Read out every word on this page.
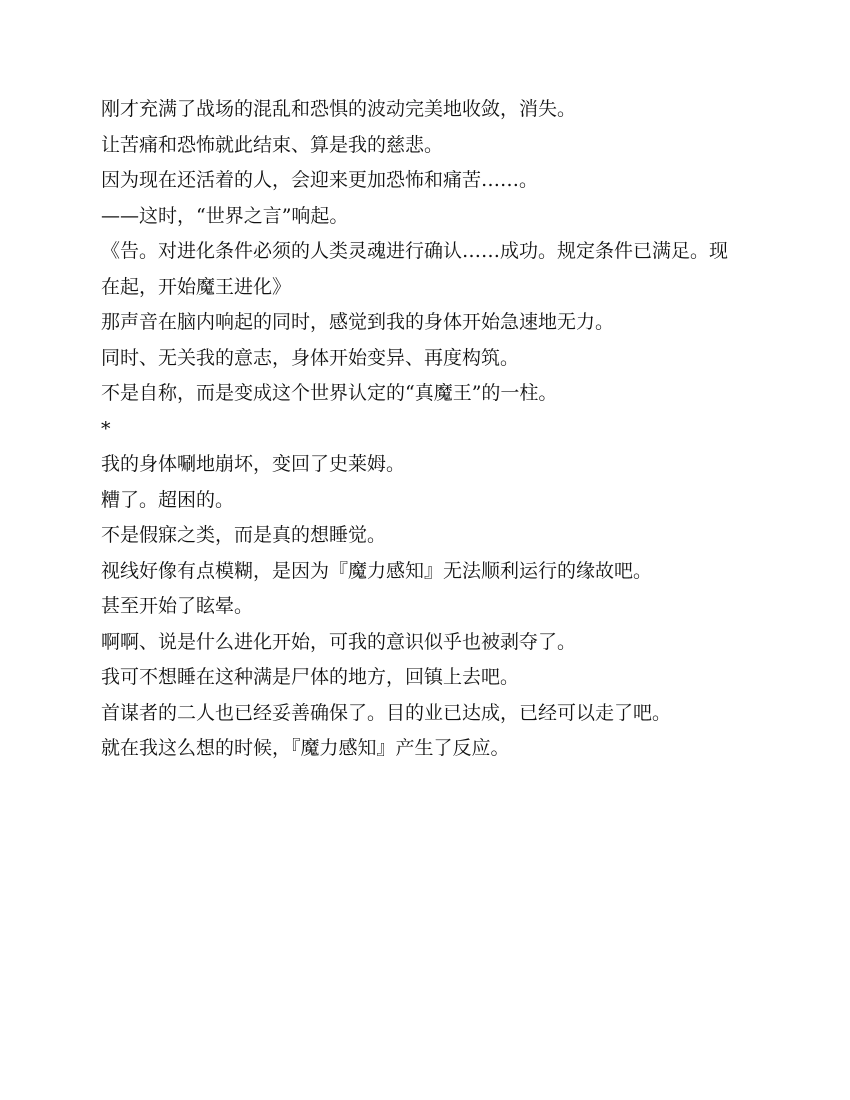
刚才充满了战场的混乱和恐惧的波动完美地收敛，消失。

让苦痛和恐怖就此结束、算是我的慈悲。

因为现在还活着的人，会迎来更加恐怖和痛苦……。

——这时，“世界之言”响起。

《告。对进化条件必须的人类灵魂进行确认……成功。规定条件已满足。现在起，开始魔王进化》

那声音在脑内响起的同时，感觉到我的身体开始急速地无力。

同时、无关我的意志，身体开始变异、再度构筑。

不是自称，而是变成这个世界认定的“真魔王”的一柱。

*

我的身体唰地崩坏，变回了史莱姆。

糟了。超困的。

不是假寐之类，而是真的想睡觉。

视线好像有点模糊，是因为『魔力感知』无法顺利运行的缘故吧。

甚至开始了眩晕。

啊啊、说是什么进化开始，可我的意识似乎也被剥夺了。

我可不想睡在这种满是尸体的地方，回镇上去吧。

首谋者的二人也已经妥善确保了。目的业已达成，已经可以走了吧。

就在我这么想的时候，『魔力感知』产生了反应。
